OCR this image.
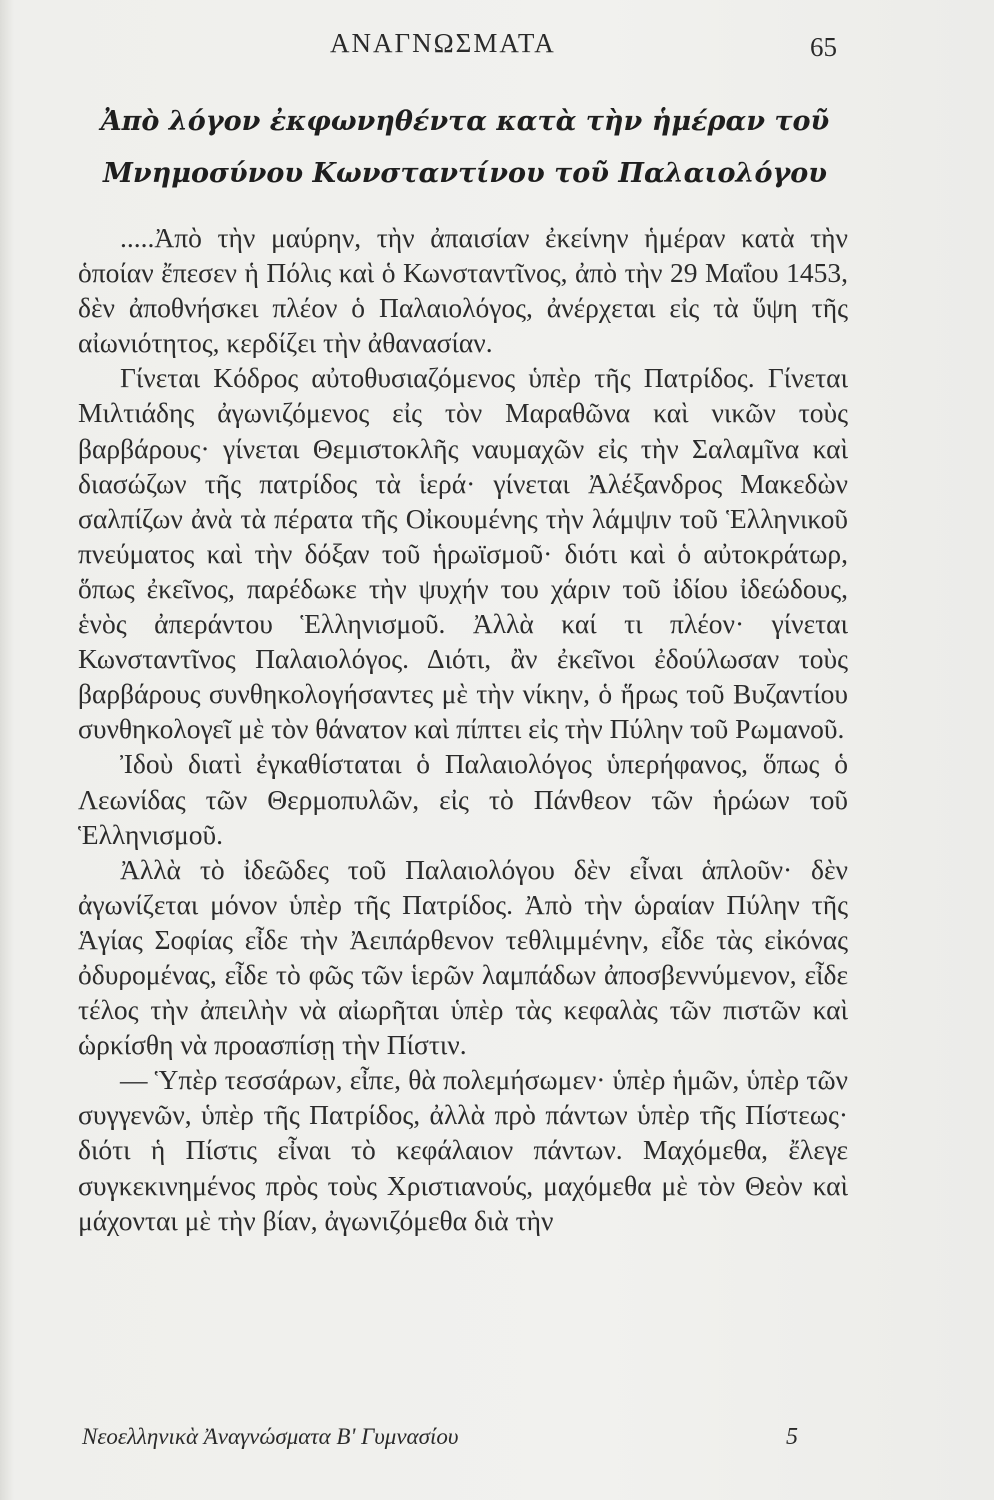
ΑΝΑΓΝΩΣΜΑΤΑ	65
Ἀπὸ λόγον ἐκφωνηθέντα κατὰ τὴν ἡμέραν τοῦ
Μνημοσύνου Κωνσταντίνου τοῦ Παλαιολόγου

.....Ἀπὸ τὴν μαύρην, τὴν ἀπαισίαν ἐκείνην ἡμέραν κατὰ τὴν ὁποίαν ἔπεσεν ἡ Πόλις καὶ ὁ Κωνσταντῖνος, ἀπὸ τὴν 29 Μαΐου 1453, δὲν ἀποθνήσκει πλέον ὁ Παλαιολόγος, ἀνέρχεται εἰς τὰ ὕψη τῆς αἰωνιότητος, κερδίζει τὴν ἀθανασίαν.

Γίνεται Κόδρος αὐτοθυσιαζόμενος ὑπὲρ τῆς Πατρίδος. Γίνεται Μιλτιάδης ἀγωνιζόμενος εἰς τὸν Μαραθῶνα καὶ νικῶν τοὺς βαρβάρους· γίνεται Θεμιστοκλῆς ναυμαχῶν εἰς τὴν Σαλαμῖνα καὶ διασώζων τῆς πατρίδος τὰ ἱερά· γίνεται Ἀλέξανδρος Μακεδὼν σαλπίζων ἀνὰ τὰ πέρατα τῆς Οἰκουμένης τὴν λάμψιν τοῦ Ἑλληνικοῦ πνεύματος καὶ τὴν δόξαν τοῦ ἡρωϊσμοῦ· διότι καὶ ὁ αὐτοκράτωρ, ὅπως ἐκεῖνος, παρέδωκε τὴν ψυχήν του χάριν τοῦ ἰδίου ἰδεώδους, ἑνὸς ἀπεράντου Ἑλληνισμοῦ. Ἀλλὰ καί τι πλέον· γίνεται Κωνσταντῖνος Παλαιολόγος. Διότι, ἂν ἐκεῖνοι ἐδούλωσαν τοὺς βαρβάρους συνθηκολογήσαντες μὲ τὴν νίκην, ὁ ἥρως τοῦ Βυζαντίου συνθηκολογεῖ μὲ τὸν θάνατον καὶ πίπτει εἰς τὴν Πύλην τοῦ Ρωμανοῦ.

Ἰδοὺ διατὶ ἐγκαθίσταται ὁ Παλαιολόγος ὑπερήφανος, ὅπως ὁ Λεωνίδας τῶν Θερμοπυλῶν, εἰς τὸ Πάνθεον τῶν ἡρώων τοῦ Ἑλληνισμοῦ.

Ἀλλὰ τὸ ἰδεῶδες τοῦ Παλαιολόγου δὲν εἶναι ἁπλοῦν· δὲν ἀγωνίζεται μόνον ὑπὲρ τῆς Πατρίδος. Ἀπὸ τὴν ὡραίαν Πύλην τῆς Ἁγίας Σοφίας εἶδε τὴν Ἀειπάρθενον τεθλιμμένην, εἶδε τὰς εἰκόνας ὀδυρομένας, εἶδε τὸ φῶς τῶν ἱερῶν λαμπάδων ἀποσβεννύμενον, εἶδε τέλος τὴν ἀπειλὴν νὰ αἰωρῆται ὑπὲρ τὰς κεφαλὰς τῶν πιστῶν καὶ ὡρκίσθη νὰ προασπίσῃ τὴν Πίστιν.

— Ὑπὲρ τεσσάρων, εἶπε, θὰ πολεμήσωμεν· ὑπὲρ ἡμῶν, ὑπὲρ τῶν συγγενῶν, ὑπὲρ τῆς Πατρίδος, ἀλλὰ πρὸ πάντων ὑπὲρ τῆς Πίστεως· διότι ἡ Πίστις εἶναι τὸ κεφάλαιον πάντων. Μαχόμεθα, ἔλεγε συγκεκινημένος πρὸς τοὺς Χριστιανούς, μαχόμεθα μὲ τὸν Θεὸν καὶ μάχονται μὲ τὴν βίαν, ἀγωνιζόμεθα διὰ τὴν

Νεοελληνικὰ Ἀναγνώσματα Β' Γυμνασίου	5
